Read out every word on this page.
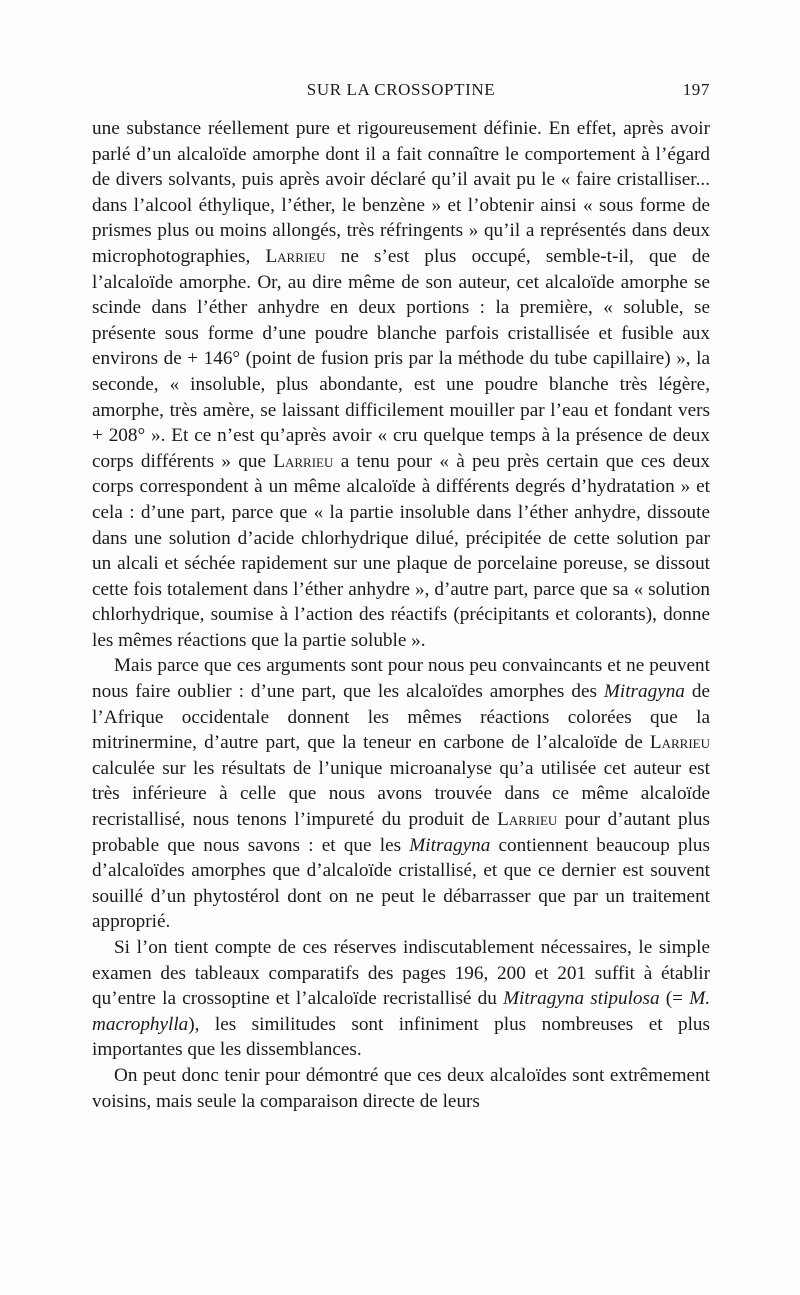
SUR LA CROSSOPTINE	197

une substance réellement pure et rigoureusement définie. En effet, après avoir parlé d’un alcaloïde amorphe dont il a fait connaître le comportement à l’égard de divers solvants, puis après avoir déclaré qu’il avait pu le « faire cristalliser... dans l’alcool éthylique, l’éther, le benzène » et l’obtenir ainsi « sous forme de prismes plus ou moins allongés, très réfringents » qu’il a représentés dans deux microphotographies, Larrieu ne s’est plus occupé, semble-t-il, que de l’alcaloïde amorphe. Or, au dire même de son auteur, cet alcaloïde amorphe se scinde dans l’éther anhydre en deux portions : la première, « soluble, se présente sous forme d’une poudre blanche parfois cristallisée et fusible aux environs de + 146° (point de fusion pris par la méthode du tube capillaire) », la seconde, « insoluble, plus abondante, est une poudre blanche très légère, amorphe, très amère, se laissant difficilement mouiller par l’eau et fondant vers + 208° ». Et ce n’est qu’après avoir « cru quelque temps à la présence de deux corps différents » que Larrieu a tenu pour « à peu près certain que ces deux corps correspondent à un même alcaloïde à différents degrés d’hydratation » et cela : d’une part, parce que « la partie insoluble dans l’éther anhydre, dissoute dans une solution d’acide chlorhydrique dilué, précipitée de cette solution par un alcali et séchée rapidement sur une plaque de porcelaine poreuse, se dissout cette fois totalement dans l’éther anhydre », d’autre part, parce que sa « solution chlorhydrique, soumise à l’action des réactifs (précipitants et colorants), donne les mêmes réactions que la partie soluble ».

Mais parce que ces arguments sont pour nous peu convaincants et ne peuvent nous faire oublier : d’une part, que les alcaloïdes amorphes des Mitragyna de l’Afrique occidentale donnent les mêmes réactions colorées que la mitrinermine, d’autre part, que la teneur en carbone de l’alcaloïde de Larrieu calculée sur les résultats de l’unique microanalyse qu’a utilisée cet auteur est très inférieure à celle que nous avons trouvée dans ce même alcaloïde recristallisé, nous tenons l’impureté du produit de Larrieu pour d’autant plus probable que nous savons : et que les Mitragyna contiennent beaucoup plus d’alcaloïdes amorphes que d’alcaloïde cristallisé, et que ce dernier est souvent souillé d’un phytostérol dont on ne peut le débarrasser que par un traitement approprié.

Si l’on tient compte de ces réserves indiscutablement nécessaires, le simple examen des tableaux comparatifs des pages 196, 200 et 201 suffit à établir qu’entre la crossoptine et l’alcaloïde recristallisé du Mitragyna stipulosa (= M. macrophylla), les similitudes sont infiniment plus nombreuses et plus importantes que les dissemblances.

On peut donc tenir pour démontré que ces deux alcaloïdes sont extrêmement voisins, mais seule la comparaison directe de leurs
